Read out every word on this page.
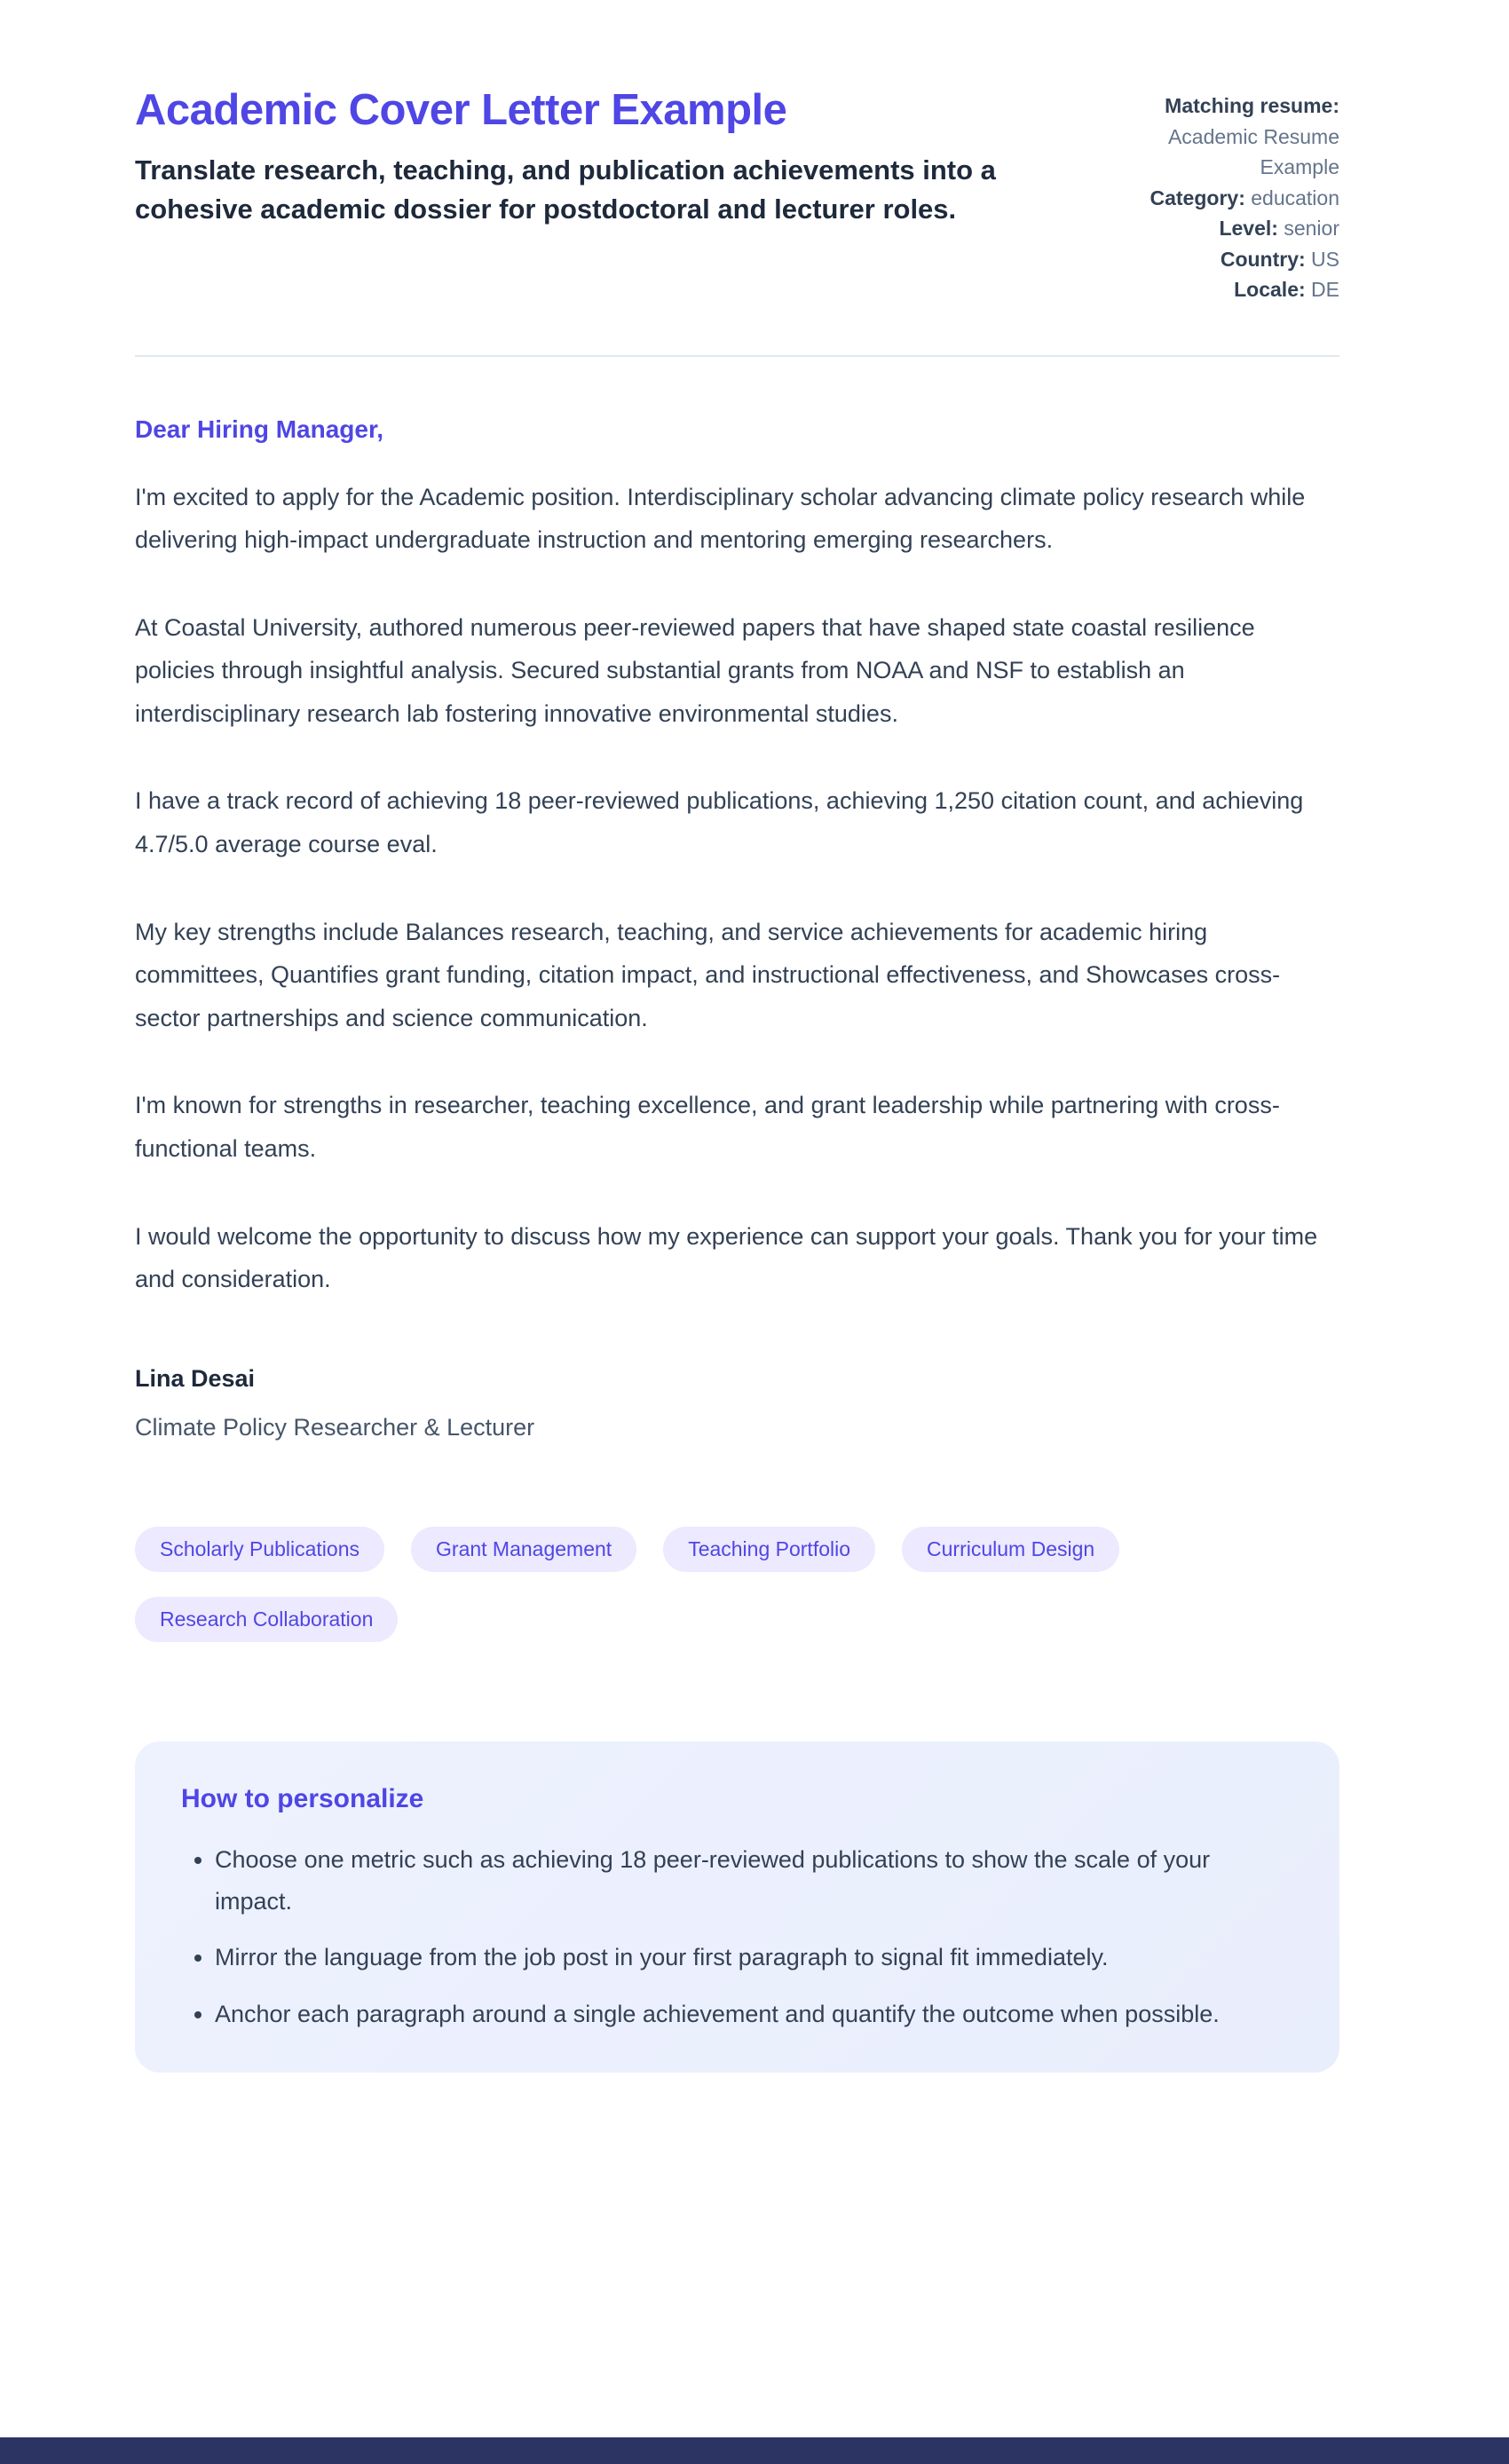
Academic Cover Letter Example

Translate research, teaching, and publication achievements into a cohesive academic dossier for postdoctoral and lecturer roles.

Matching resume: Academic Resume Example
Category: education
Level: senior
Country: US
Locale: DE

Dear Hiring Manager,

I'm excited to apply for the Academic position. Interdisciplinary scholar advancing climate policy research while delivering high-impact undergraduate instruction and mentoring emerging researchers.

At Coastal University, authored numerous peer-reviewed papers that have shaped state coastal resilience policies through insightful analysis. Secured substantial grants from NOAA and NSF to establish an interdisciplinary research lab fostering innovative environmental studies.

I have a track record of achieving 18 peer-reviewed publications, achieving 1,250 citation count, and achieving 4.7/5.0 average course eval.

My key strengths include Balances research, teaching, and service achievements for academic hiring committees, Quantifies grant funding, citation impact, and instructional effectiveness, and Showcases cross-sector partnerships and science communication.

I'm known for strengths in researcher, teaching excellence, and grant leadership while partnering with cross-functional teams.

I would welcome the opportunity to discuss how my experience can support your goals. Thank you for your time and consideration.

Lina Desai

Climate Policy Researcher & Lecturer

Scholarly Publications	Grant Management	Teaching Portfolio	Curriculum Design
Research Collaboration
How to personalize
• Choose one metric such as achieving 18 peer-reviewed publications to show the scale of your impact.
• Mirror the language from the job post in your first paragraph to signal fit immediately.
• Anchor each paragraph around a single achievement and quantify the outcome when possible.
